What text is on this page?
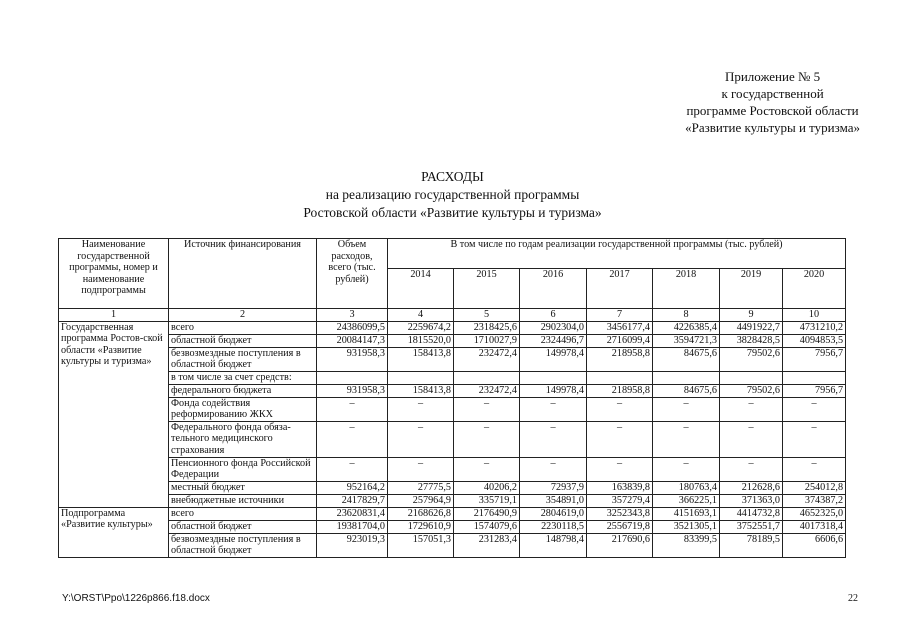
Приложение № 5
к государственной
программе Ростовской области
«Развитие культуры и туризма»
РАСХОДЫ
на реализацию государственной программы
Ростовской области «Развитие культуры и туризма»
Наименование государственной программы, номер и наименование подпрограммы	Источник финансирования	Объем расходов, всего (тыс. рублей)	В том числе по годам реализации государственной программы (тыс. рублей)						
			2014	2015	2016	2017	2018	2019	2020
1	2	3	4	5	6	7	8	9	10
Государственная программа Ростов-ской области «Развитие культуры и туризма»	всего	24386099,5	2259674,2	2318425,6	2902304,0	3456177,4	4226385,4	4491922,7	4731210,2
	областной бюджет	20084147,3	1815520,0	1710027,9	2324496,7	2716099,4	3594721,3	3828428,5	4094853,5
	безвозмездные поступления в областной бюджет	931958,3	158413,8	232472,4	149978,4	218958,8	84675,6	79502,6	7956,7
	в том числе за счет средств:								
	федерального бюджета	931958,3	158413,8	232472,4	149978,4	218958,8	84675,6	79502,6	7956,7
	Фонда содействия реформированию ЖКХ	–	–	–	–	–	–	–	–
	Федерального фонда обяза-тельного медицинского страхования	–	–	–	–	–	–	–	–
	Пенсионного фонда Российской Федерации	–	–	–	–	–	–	–	–
	местный бюджет	952164,2	27775,5	40206,2	72937,9	163839,8	180763,4	212628,6	254012,8
	внебюджетные источники	2417829,7	257964,9	335719,1	354891,0	357279,4	366225,1	371363,0	374387,2
Подпрограмма «Развитие культуры»	всего	23620831,4	2168626,8	2176490,9	2804619,0	3252343,8	4151693,1	4414732,8	4652325,0
	областной бюджет	19381704,0	1729610,9	1574079,6	2230118,5	2556719,8	3521305,1	3752551,7	4017318,4
	безвозмездные поступления в областной бюджет	923019,3	157051,3	231283,4	148798,4	217690,6	83399,5	78189,5	6606,6
Y:\ORST\Ppo\1226p866.f18.docx	22
